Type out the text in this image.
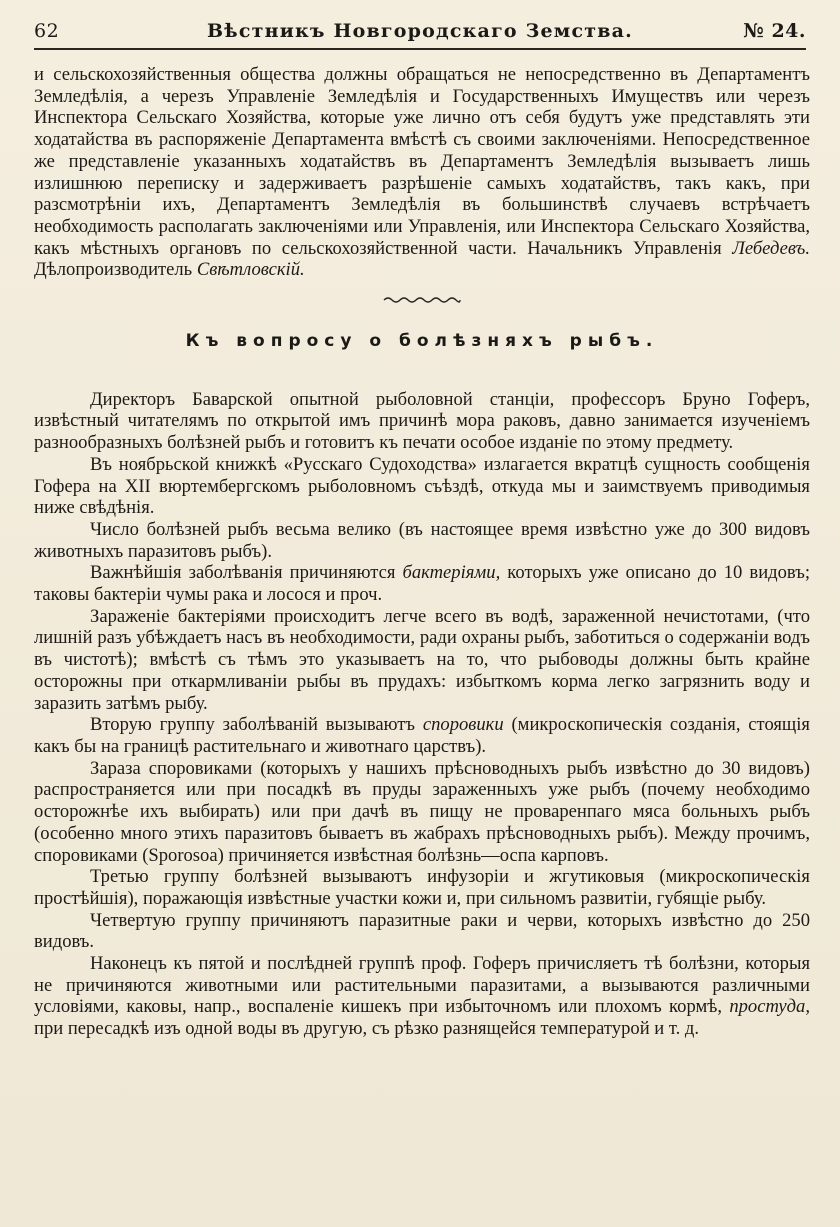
62	Вѣстникъ Новгородскаго Земства.	№ 24.

и сельскохозяйственныя общества должны обращаться не непосредственно въ Департаментъ Земледѣлія, а черезъ Управленіе Земледѣлія и Государственныхъ Имуществъ или черезъ Инспектора Сельскаго Хозяйства, которые уже лично отъ себя будутъ уже представлять эти ходатайства въ распоряженіе Департамента вмѣстѣ съ своими заключеніями. Непосредственное же представленіе указанныхъ ходатайствъ въ Департаментъ Земледѣлія вызываетъ лишь излишнюю переписку и задерживаетъ разрѣшеніе самыхъ ходатайствъ, такъ какъ, при разсмотрѣніи ихъ, Департаментъ Земледѣлія въ большинствѣ случаевъ встрѣчаетъ необходимость располагать заключеніями или Управленія, или Инспектора Сельскаго Хозяйства, какъ мѣстныхъ органовъ по сельскохозяйственной части. Начальникъ Управленія Лебедевъ. Дѣлопроизводитель Свѣтловскій.

Къ вопросу о болѣзняхъ рыбъ.

Директоръ Баварской опытной рыболовной станціи, профессоръ Бруно Гоферъ, извѣстный читателямъ по открытой имъ причинѣ мора раковъ, давно занимается изученіемъ разнообразныхъ болѣзней рыбъ и готовитъ къ печати особое изданіе по этому предмету.

Въ ноябрьской книжкѣ «Русскаго Судоходства» излагается вкратцѣ сущность сообщенія Гофера на XII вюртембергскомъ рыболовномъ съѣздѣ, откуда мы и заимствуемъ приводимыя ниже свѣдѣнія.

Число болѣзней рыбъ весьма велико (въ настоящее время извѣстно уже до 300 видовъ животныхъ паразитовъ рыбъ).

Важнѣйшія заболѣванія причиняются бактеріями, которыхъ уже описано до 10 видовъ; таковы бактеріи чумы рака и лосося и проч.

Зараженіе бактеріями происходитъ легче всего въ водѣ, зараженной нечистотами, (что лишній разъ убѣждаетъ насъ въ необходимости, ради охраны рыбъ, заботиться о содержаніи водъ въ чистотѣ); вмѣстѣ съ тѣмъ это указываетъ на то, что рыбоводы должны быть крайне осторожны при откармливаніи рыбы въ прудахъ: избыткомъ корма легко загрязнить воду и заразить затѣмъ рыбу.

Вторую группу заболѣваній вызываютъ споровики (микроскопическія созданія, стоящія какъ бы на границѣ растительнаго и животнаго царствъ).

Зараза споровиками (которыхъ у нашихъ прѣсноводныхъ рыбъ извѣстно до 30 видовъ) распространяется или при посадкѣ въ пруды зараженныхъ уже рыбъ (почему необходимо осторожнѣе ихъ выбирать) или при дачѣ въ пищу не проваренпаго мяса больныхъ рыбъ (особенно много этихъ паразитовъ бываетъ въ жабрахъ прѣсноводныхъ рыбъ). Между прочимъ, споровиками (Sporosoa) причиняется извѣстная болѣзнь—оспа карповъ.

Третью группу болѣзней вызываютъ инфузоріи и жгутиковыя (микроскопическія простѣйшія), поражающія извѣстные участки кожи и, при сильномъ развитіи, губящіе рыбу.

Четвертую группу причиняютъ паразитные раки и черви, которыхъ извѣстно до 250 видовъ.

Наконецъ къ пятой и послѣдней группѣ проф. Гоферъ причисляетъ тѣ болѣзни, которыя не причиняются животными или растительными паразитами, а вызываются различными условіями, каковы, напр., воспаленіе кишекъ при избыточномъ или плохомъ кормѣ, простуда, при пересадкѣ изъ одной воды въ другую, съ рѣзко разнящейся температурой и т. д.
